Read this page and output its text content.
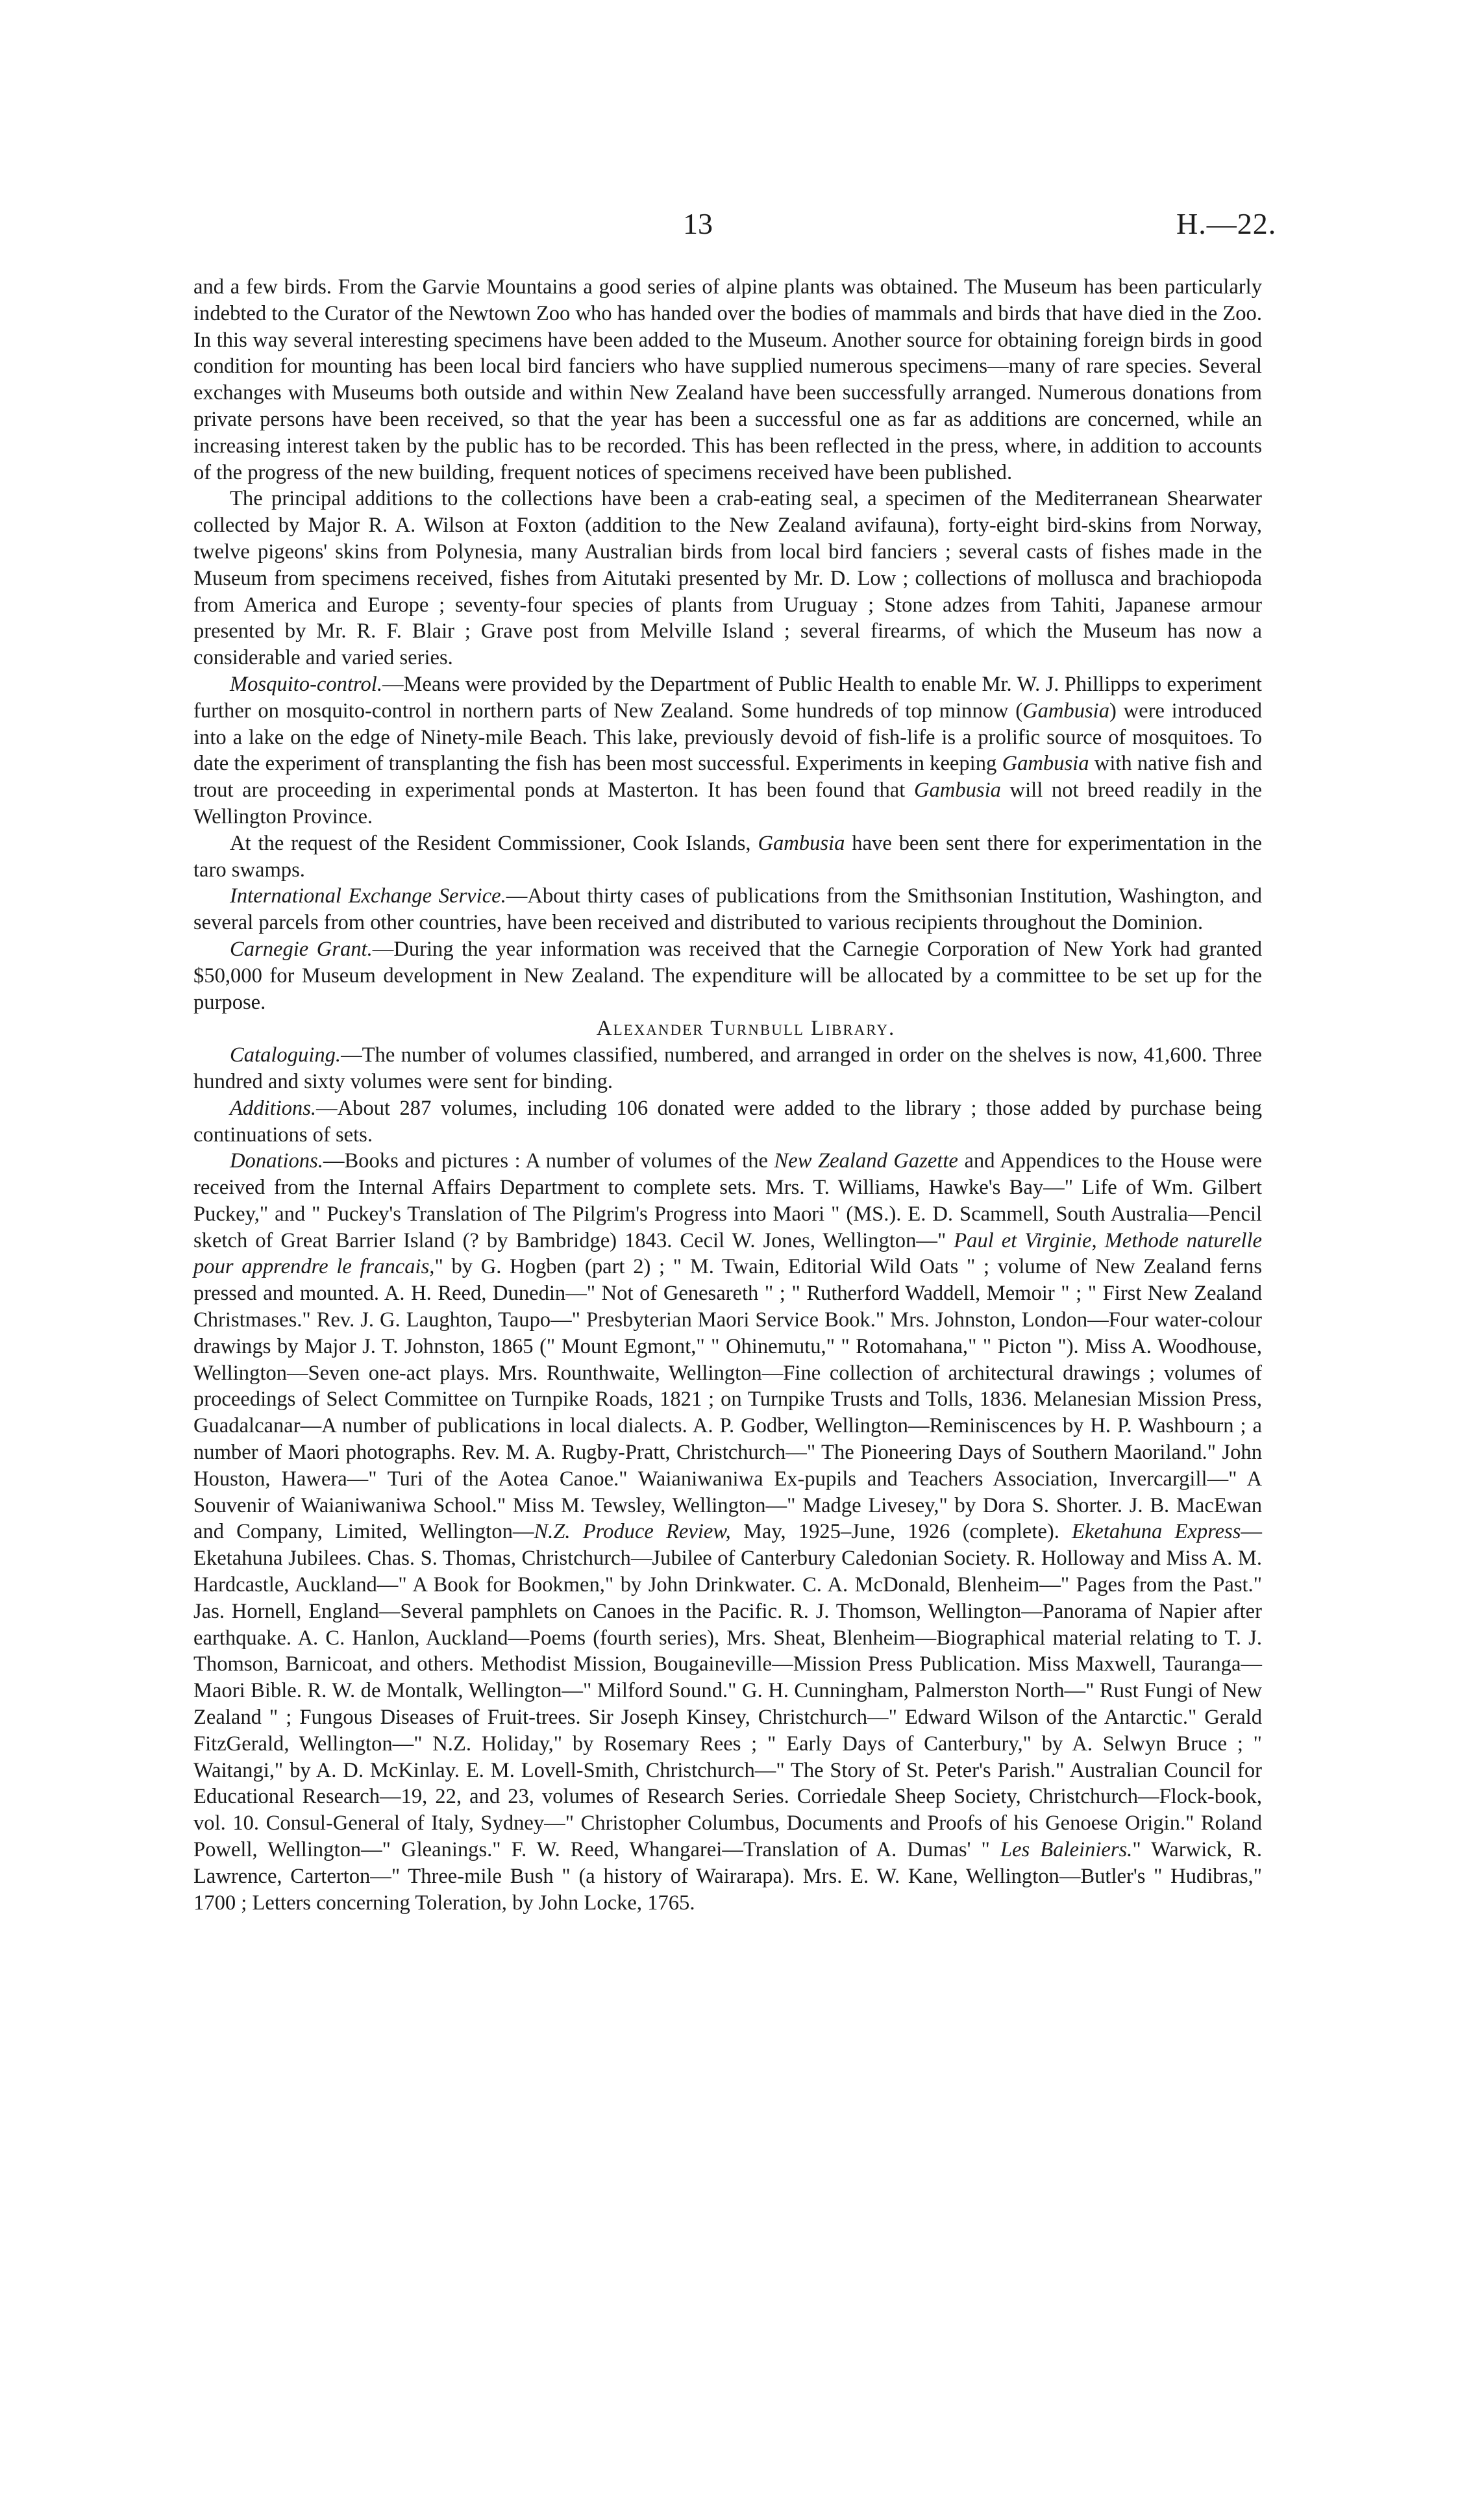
13	H.—22.

and a few birds. From the Garvie Mountains a good series of alpine plants was obtained. The Museum has been particularly indebted to the Curator of the Newtown Zoo who has handed over the bodies of mammals and birds that have died in the Zoo. In this way several interesting specimens have been added to the Museum. Another source for obtaining foreign birds in good condition for mounting has been local bird fanciers who have supplied numerous specimens—many of rare species. Several exchanges with Museums both outside and within New Zealand have been successfully arranged. Numerous donations from private persons have been received, so that the year has been a successful one as far as additions are concerned, while an increasing interest taken by the public has to be recorded. This has been reflected in the press, where, in addition to accounts of the progress of the new building, frequent notices of specimens received have been published.

The principal additions to the collections have been a crab-eating seal, a specimen of the Mediterranean Shearwater collected by Major R. A. Wilson at Foxton (addition to the New Zealand avifauna), forty-eight bird-skins from Norway, twelve pigeons' skins from Polynesia, many Australian birds from local bird fanciers ; several casts of fishes made in the Museum from specimens received, fishes from Aitutaki presented by Mr. D. Low ; collections of mollusca and brachiopoda from America and Europe ; seventy-four species of plants from Uruguay ; Stone adzes from Tahiti, Japanese armour presented by Mr. R. F. Blair ; Grave post from Melville Island ; several firearms, of which the Museum has now a considerable and varied series.

Mosquito-control.—Means were provided by the Department of Public Health to enable Mr. W. J. Phillipps to experiment further on mosquito-control in northern parts of New Zealand. Some hundreds of top minnow (Gambusia) were introduced into a lake on the edge of Ninety-mile Beach. This lake, previously devoid of fish-life is a prolific source of mosquitoes. To date the experiment of transplanting the fish has been most successful. Experiments in keeping Gambusia with native fish and trout are proceeding in experimental ponds at Masterton. It has been found that Gambusia will not breed readily in the Wellington Province.

At the request of the Resident Commissioner, Cook Islands, Gambusia have been sent there for experimentation in the taro swamps.

International Exchange Service.—About thirty cases of publications from the Smithsonian Institution, Washington, and several parcels from other countries, have been received and distributed to various recipients throughout the Dominion.

Carnegie Grant.—During the year information was received that the Carnegie Corporation of New York had granted $50,000 for Museum development in New Zealand. The expenditure will be allocated by a committee to be set up for the purpose.

Alexander Turnbull Library.

Cataloguing.—The number of volumes classified, numbered, and arranged in order on the shelves is now, 41,600. Three hundred and sixty volumes were sent for binding.

Additions.—About 287 volumes, including 106 donated were added to the library ; those added by purchase being continuations of sets.

Donations.—Books and pictures : A number of volumes of the New Zealand Gazette and Appendices to the House were received from the Internal Affairs Department to complete sets. Mrs. T. Williams, Hawke's Bay—" Life of Wm. Gilbert Puckey," and " Puckey's Translation of The Pilgrim's Progress into Maori " (MS.). E. D. Scammell, South Australia—Pencil sketch of Great Barrier Island (? by Bambridge) 1843. Cecil W. Jones, Wellington—" Paul et Virginie, Methode naturelle pour apprendre le francais," by G. Hogben (part 2) ; " M. Twain, Editorial Wild Oats " ; volume of New Zealand ferns pressed and mounted. A. H. Reed, Dunedin—" Not of Genesareth " ; " Rutherford Waddell, Memoir " ; " First New Zealand Christmases." Rev. J. G. Laughton, Taupo—" Presbyterian Maori Service Book." Mrs. Johnston, London—Four water-colour drawings by Major J. T. Johnston, 1865 (" Mount Egmont," " Ohinemutu," " Rotomahana," " Picton "). Miss A. Woodhouse, Wellington—Seven one-act plays. Mrs. Rounthwaite, Wellington—Fine collection of architectural drawings ; volumes of proceedings of Select Committee on Turnpike Roads, 1821 ; on Turnpike Trusts and Tolls, 1836. Melanesian Mission Press, Guadalcanar—A number of publications in local dialects. A. P. Godber, Wellington—Reminiscences by H. P. Washbourn ; a number of Maori photographs. Rev. M. A. Rugby-Pratt, Christchurch—" The Pioneering Days of Southern Maoriland." John Houston, Hawera—" Turi of the Aotea Canoe." Waianiwaniwa Ex-pupils and Teachers Association, Invercargill—" A Souvenir of Waianiwaniwa School." Miss M. Tewsley, Wellington—" Madge Livesey," by Dora S. Shorter. J. B. MacEwan and Company, Limited, Wellington—N.Z. Produce Review, May, 1925–June, 1926 (complete). Eketahuna Express—Eketahuna Jubilees. Chas. S. Thomas, Christchurch—Jubilee of Canterbury Caledonian Society. R. Holloway and Miss A. M. Hardcastle, Auckland—" A Book for Bookmen," by John Drinkwater. C. A. McDonald, Blenheim—" Pages from the Past." Jas. Hornell, England—Several pamphlets on Canoes in the Pacific. R. J. Thomson, Wellington—Panorama of Napier after earthquake. A. C. Hanlon, Auckland—Poems (fourth series), Mrs. Sheat, Blenheim—Biographical material relating to T. J. Thomson, Barnicoat, and others. Methodist Mission, Bougaineville—Mission Press Publication. Miss Maxwell, Tauranga—Maori Bible. R. W. de Montalk, Wellington—" Milford Sound." G. H. Cunningham, Palmerston North—" Rust Fungi of New Zealand " ; Fungous Diseases of Fruit-trees. Sir Joseph Kinsey, Christchurch—" Edward Wilson of the Antarctic." Gerald FitzGerald, Wellington—" N.Z. Holiday," by Rosemary Rees ; " Early Days of Canterbury," by A. Selwyn Bruce ; " Waitangi," by A. D. McKinlay. E. M. Lovell-Smith, Christchurch—" The Story of St. Peter's Parish." Australian Council for Educational Research—19, 22, and 23, volumes of Research Series. Corriedale Sheep Society, Christchurch—Flock-book, vol. 10. Consul-General of Italy, Sydney—" Christopher Columbus, Documents and Proofs of his Genoese Origin." Roland Powell, Wellington—" Gleanings." F. W. Reed, Whangarei—Translation of A. Dumas' " Les Baleiniers." Warwick, R. Lawrence, Carterton—" Three-mile Bush " (a history of Wairarapa). Mrs. E. W. Kane, Wellington—Butler's " Hudibras," 1700 ; Letters concerning Toleration, by John Locke, 1765.
